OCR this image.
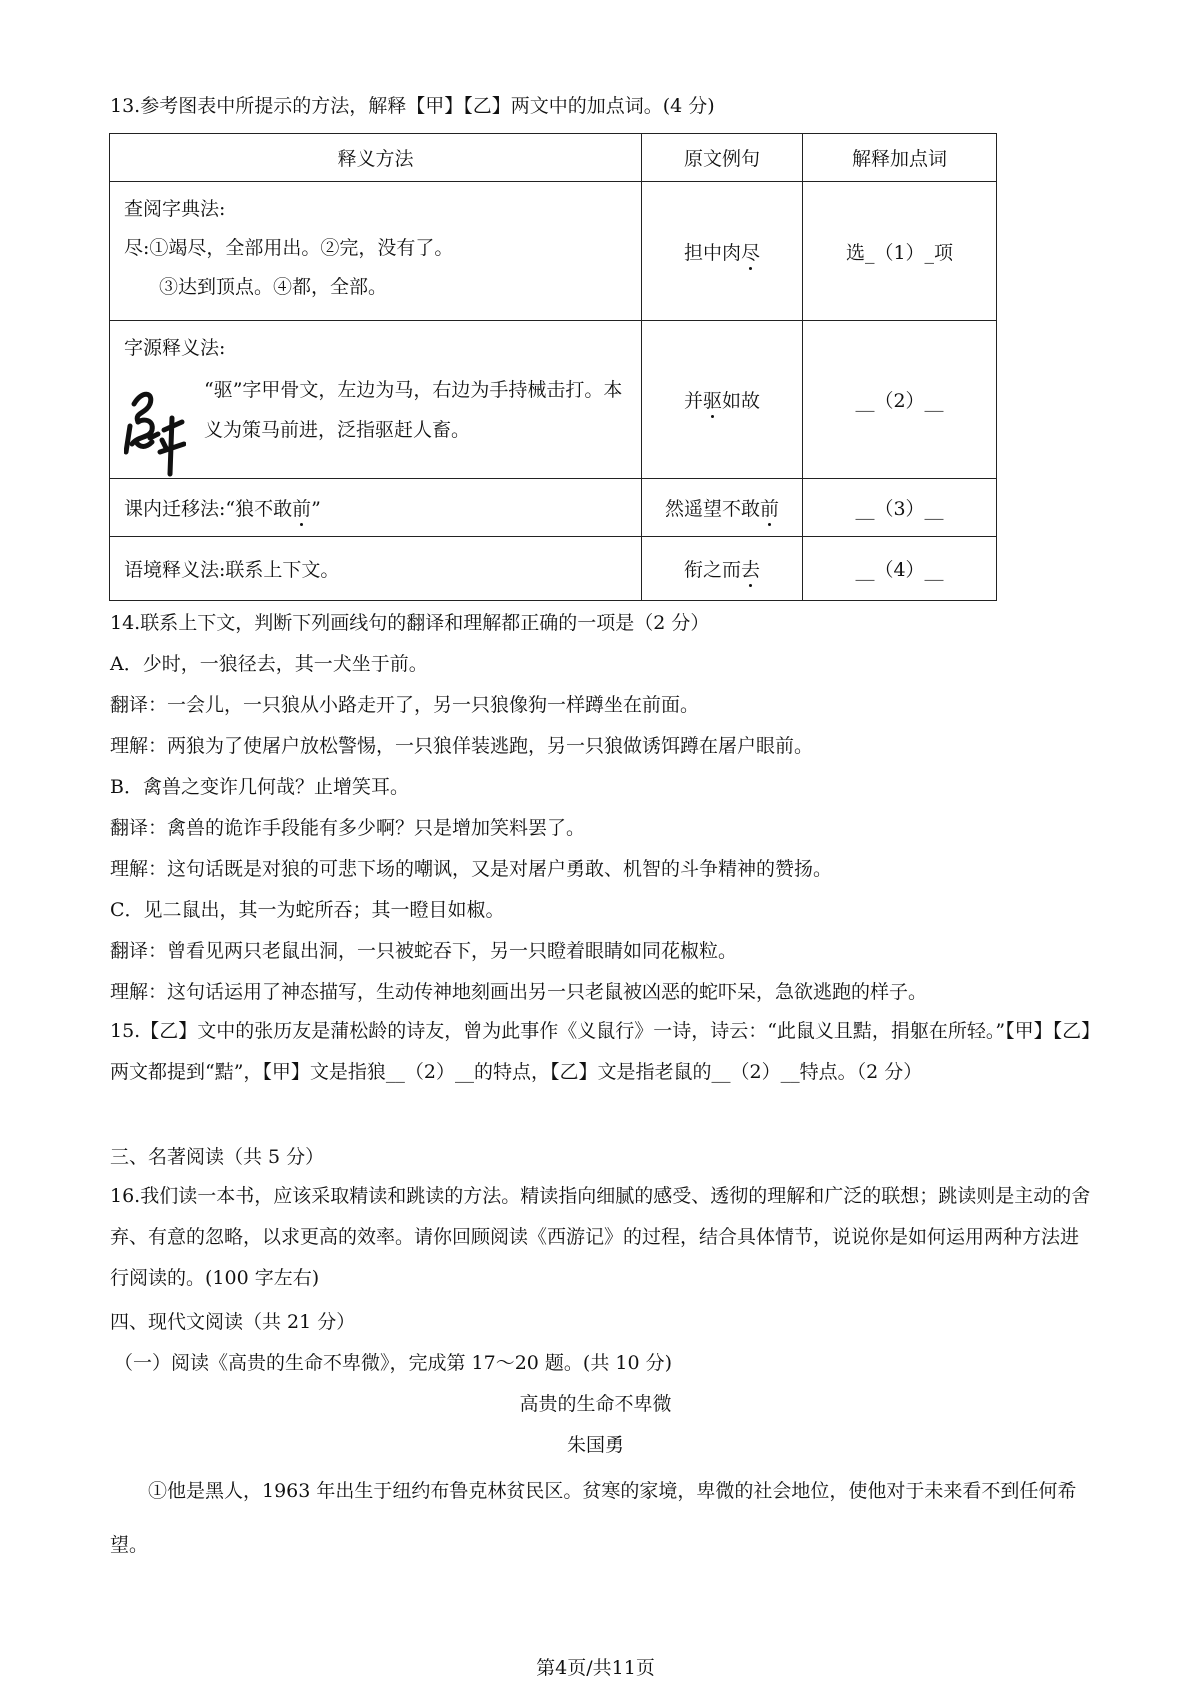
13.参考图表中所提示的方法，解释【甲】【乙】两文中的加点词。(4 分)
释义方法	原文例句	解释加点词

查阅字典法:
尽:①竭尽，全部用出。②完，没有了。
③达到顶点。④都，全部。	担中肉尽	选_（1）_项

字源释义法:
“驱”字甲骨文，左边为马，右边为手持械击打。本义为策马前进，泛指驱赶人畜。	并驱如故	__（2）__
课内迁移法:“狼不敢前”	然遥望不敢前	__（3）__
语境释义法:联系上下文。	衔之而去	__（4）__
14.联系上下文，判断下列画线句的翻译和理解都正确的一项是（2 分）
A．少时，一狼径去，其一犬坐于前。
翻译：一会儿，一只狼从小路走开了，另一只狼像狗一样蹲坐在前面。
理解：两狼为了使屠户放松警惕，一只狼佯装逃跑，另一只狼做诱饵蹲在屠户眼前。
B．禽兽之变诈几何哉？止增笑耳。
翻译：禽兽的诡诈手段能有多少啊？只是增加笑料罢了。
理解：这句话既是对狼的可悲下场的嘲讽，又是对屠户勇敢、机智的斗争精神的赞扬。
C．见二鼠出，其一为蛇所吞；其一瞪目如椒。
翻译：曾看见两只老鼠出洞，一只被蛇吞下，另一只瞪着眼睛如同花椒粒。
理解：这句话运用了神态描写，生动传神地刻画出另一只老鼠被凶恶的蛇吓呆，急欲逃跑的样子。
15.【乙】文中的张历友是蒲松龄的诗友，曾为此事作《义鼠行》一诗，诗云：“此鼠义且黠，捐躯在所轻。”【甲】【乙】两文都提到“黠”，【甲】文是指狼__（2）__的特点，【乙】文是指老鼠的__（2）__特点。（2 分）
三、名著阅读（共 5 分）
16.我们读一本书，应该采取精读和跳读的方法。精读指向细腻的感受、透彻的理解和广泛的联想；跳读则是主动的舍弃、有意的忽略，以求更高的效率。请你回顾阅读《西游记》的过程，结合具体情节，说说你是如何运用两种方法进行阅读的。(100 字左右)
四、现代文阅读（共 21 分）
（一）阅读《高贵的生命不卑微》，完成第 17～20 题。(共 10 分)
高贵的生命不卑微
朱国勇
①他是黑人，1963 年出生于纽约布鲁克林贫民区。贫寒的家境，卑微的社会地位，使他对于未来看不到任何希望。
第4页/共11页
